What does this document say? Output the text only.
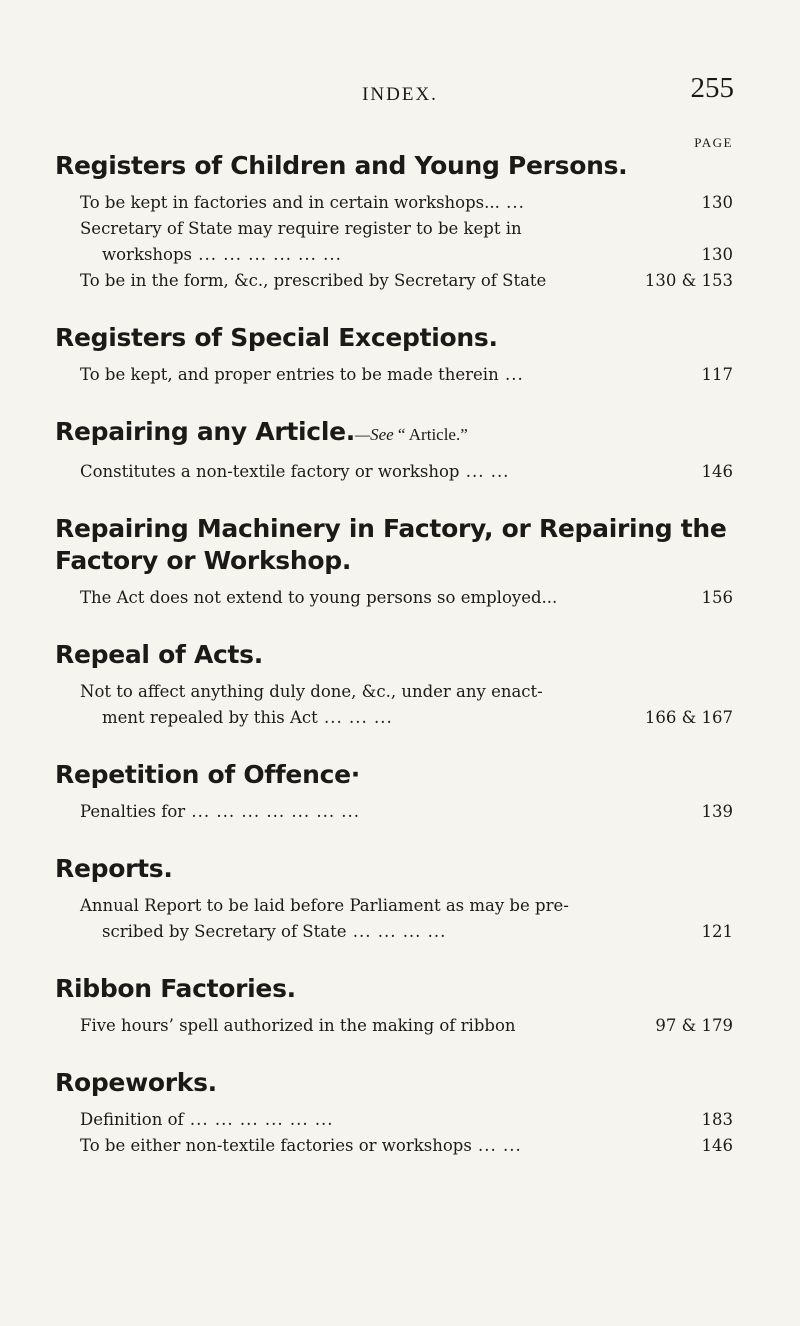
INDEX.	255
PAGE
Registers of Children and Young Persons.
130
To be kept in factories and in certain workshops... ...
Secretary of State may require register to be kept in
130
workshops ... ... ... ... ... ...
130 & 153
To be in the form, &c., prescribed by Secretary of State
Registers of Special Exceptions.
117
To be kept, and proper entries to be made therein ...
Repairing any Article.—See “ Article.”
146
Constitutes a non-textile factory or workshop ... ...
Repairing Machinery in Factory, or Repairing the Factory or Workshop.
156
The Act does not extend to young persons so employed...
Repeal of Acts.
Not to affect anything duly done, &c., under any enact-
166 & 167
ment repealed by this Act ... ... ...
Repetition of Offence·
139
Penalties for ... ... ... ... ... ... ...
Reports.
Annual Report to be laid before Parliament as may be pre-
121
scribed by Secretary of State ... ... ... ...
Ribbon Factories.
97 & 179
Five hours’ spell authorized in the making of ribbon
Ropeworks.
183
Definition of ... ... ... ... ... ...
146
To be either non-textile factories or workshops ... ...
